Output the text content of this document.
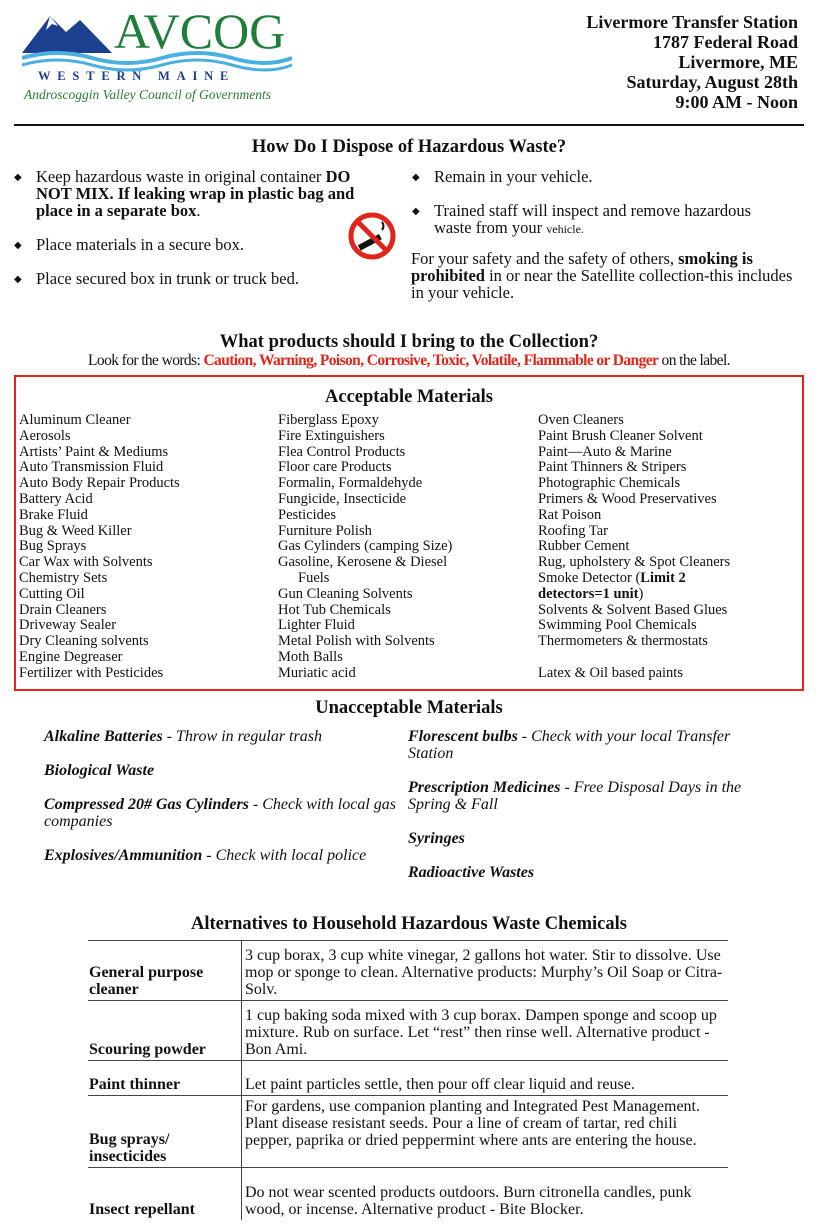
AVCOG
WESTERN MAINE
Androscoggin Valley Council of Governments
Livermore Transfer Station
1787 Federal Road
Livermore, ME
Saturday, August 28th
9:00 AM - Noon
How Do I Dispose of Hazardous Waste?
◆ Keep hazardous waste in original container DO NOT MIX. If leaking wrap in plastic bag and place in a separate box.
◆ Place materials in a secure box.
◆ Place secured box in trunk or truck bed.
◆ Remain in your vehicle.
◆ Trained staff will inspect and remove hazardous waste from your vehicle.
For your safety and the safety of others, smoking is prohibited in or near the Satellite collection-this includes in your vehicle.
What products should I bring to the Collection?
Look for the words: Caution, Warning, Poison, Corrosive, Toxic, Volatile, Flammable or Danger on the label.
Acceptable Materials
Aluminum Cleaner
Aerosols
Artists’ Paint & Mediums
Auto Transmission Fluid
Auto Body Repair Products
Battery Acid
Brake Fluid
Bug & Weed Killer
Bug Sprays
Car Wax with Solvents
Chemistry Sets
Cutting Oil
Drain Cleaners
Driveway Sealer
Dry Cleaning solvents
Engine Degreaser
Fertilizer with Pesticides
Fiberglass Epoxy
Fire Extinguishers
Flea Control Products
Floor care Products
Formalin, Formaldehyde
Fungicide, Insecticide
Pesticides
Furniture Polish
Gas Cylinders (camping Size)
Gasoline, Kerosene & Diesel
Fuels
Gun Cleaning Solvents
Hot Tub Chemicals
Lighter Fluid
Metal Polish with Solvents
Moth Balls
Muriatic acid
Oven Cleaners
Paint Brush Cleaner Solvent
Paint—Auto & Marine
Paint Thinners & Stripers
Photographic Chemicals
Primers & Wood Preservatives
Rat Poison
Roofing Tar
Rubber Cement
Rug, upholstery & Spot Cleaners
Smoke Detector (Limit 2 detectors=1 unit)
Solvents & Solvent Based Glues
Swimming Pool Chemicals
Thermometers & thermostats
Latex & Oil based paints
Unacceptable Materials
Alkaline Batteries - Throw in regular trash
Biological Waste
Compressed 20# Gas Cylinders - Check with local gas companies
Explosives/Ammunition - Check with local police
Florescent bulbs - Check with your local Transfer Station
Prescription Medicines - Free Disposal Days in the Spring & Fall
Syringes
Radioactive Wastes
Alternatives to Household Hazardous Waste Chemicals
General purpose cleaner	3 cup borax, 3 cup white vinegar, 2 gallons hot water. Stir to dissolve. Use mop or sponge to clean. Alternative products: Murphy’s Oil Soap or Citra-Solv.
Scouring powder	1 cup baking soda mixed with 3 cup borax. Dampen sponge and scoop up mixture. Rub on surface. Let “rest” then rinse well. Alternative product - Bon Ami.
Paint thinner	Let paint particles settle, then pour off clear liquid and reuse.
Bug sprays/ insecticides	For gardens, use companion planting and Integrated Pest Management. Plant disease resistant seeds. Pour a line of cream of tartar, red chili pepper, paprika or dried peppermint where ants are entering the house.
Insect repellant	Do not wear scented products outdoors. Burn citronella candles, punk wood, or incense. Alternative product - Bite Blocker.
